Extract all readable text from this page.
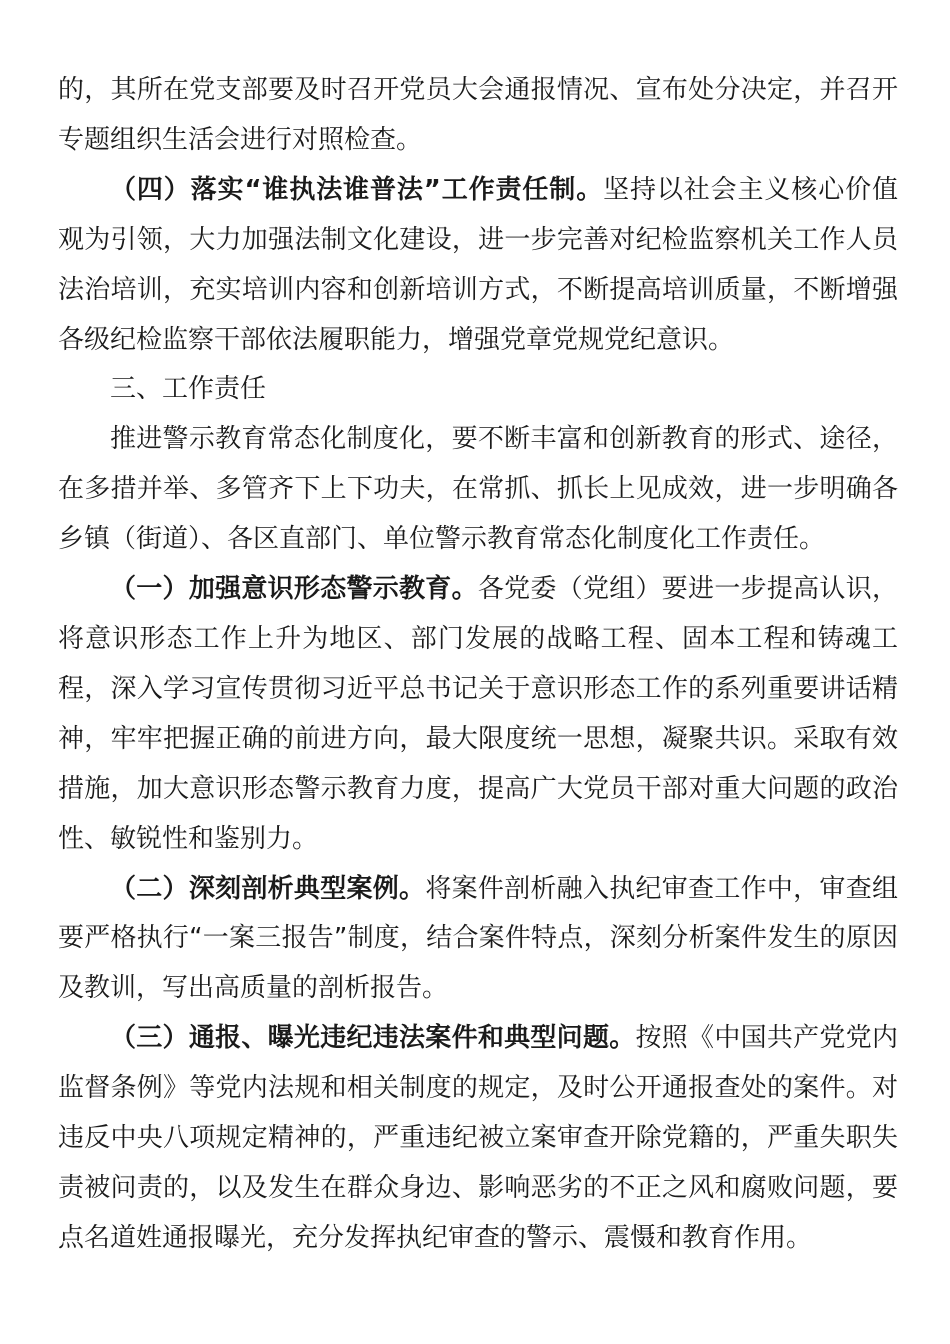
的，其所在党支部要及时召开党员大会通报情况、宣布处分决定，并召开专题组织生活会进行对照检查。

（四）落实“谁执法谁普法”工作责任制。坚持以社会主义核心价值观为引领，大力加强法制文化建设，进一步完善对纪检监察机关工作人员法治培训，充实培训内容和创新培训方式，不断提高培训质量，不断增强各级纪检监察干部依法履职能力，增强党章党规党纪意识。

三、工作责任

推进警示教育常态化制度化，要不断丰富和创新教育的形式、途径，在多措并举、多管齐下上下功夫，在常抓、抓长上见成效，进一步明确各乡镇（街道）、各区直部门、单位警示教育常态化制度化工作责任。

（一）加强意识形态警示教育。各党委（党组）要进一步提高认识，将意识形态工作上升为地区、部门发展的战略工程、固本工程和铸魂工程，深入学习宣传贯彻习近平总书记关于意识形态工作的系列重要讲话精神，牢牢把握正确的前进方向，最大限度统一思想，凝聚共识。采取有效措施，加大意识形态警示教育力度，提高广大党员干部对重大问题的政治性、敏锐性和鉴别力。

（二）深刻剖析典型案例。将案件剖析融入执纪审查工作中，审查组要严格执行“一案三报告”制度，结合案件特点，深刻分析案件发生的原因及教训，写出高质量的剖析报告。

（三）通报、曝光违纪违法案件和典型问题。按照《中国共产党党内监督条例》等党内法规和相关制度的规定，及时公开通报查处的案件。对违反中央八项规定精神的，严重违纪被立案审查开除党籍的，严重失职失责被问责的，以及发生在群众身边、影响恶劣的不正之风和腐败问题，要点名道姓通报曝光，充分发挥执纪审查的警示、震慑和教育作用。
